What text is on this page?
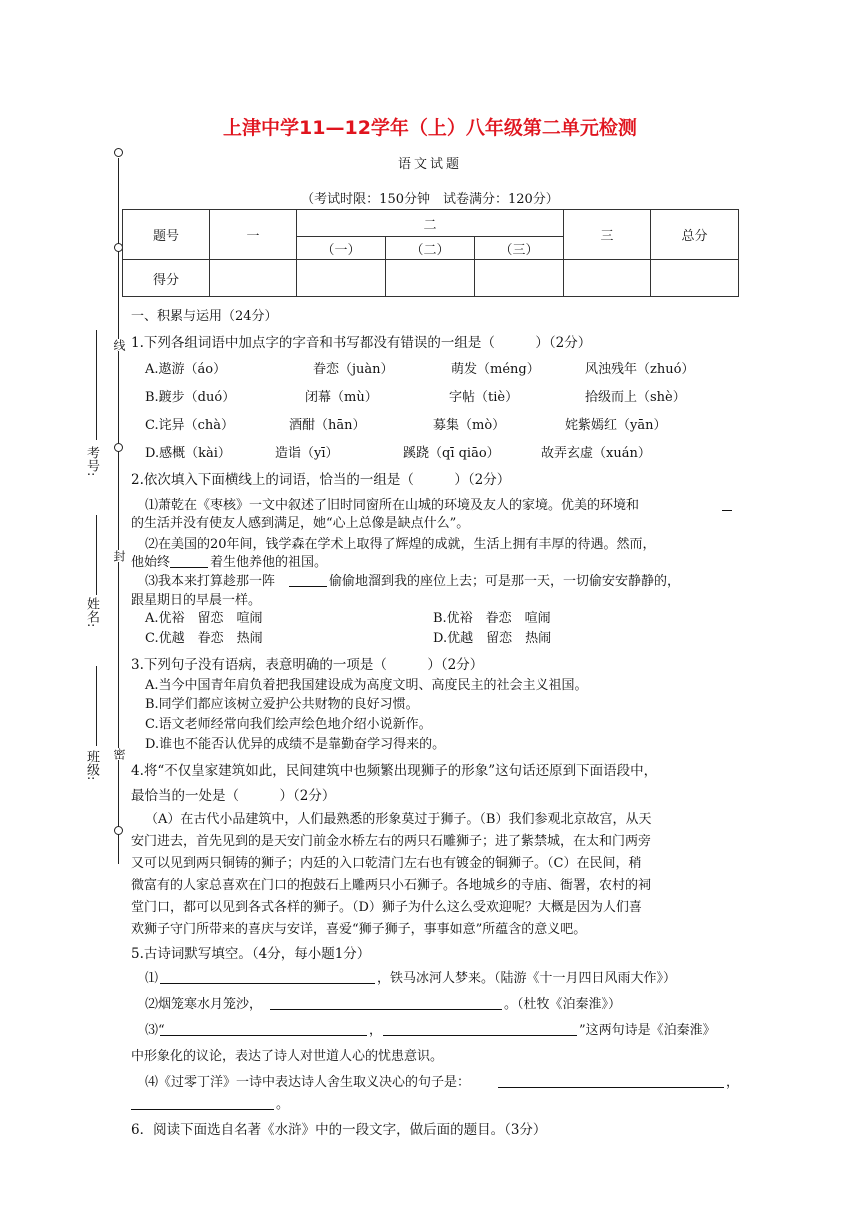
上津中学11—12学年（上）八年级第二单元检测
语文试题
（考试时限：150分钟　试卷满分：120分）
线
封
密
考号:
姓名:
班级:
题号	一	二			三	总分
		（一）	（二）	（三）		
得分						
一、积累与运用（24分）
1.下列各组词语中加点字的字音和书写都没有错误的一组是（　　　）（2分）
A.遨游（áo）	眷恋（juàn）	萌发（méng）	风浊残年（zhuó）
B.踱步（duó）	闭幕（mù）	字帖（tiè）	拾级而上（shè）
C.诧异（chà）	酒酣（hān）	募集（mò）	姹紫嫣红（yān）
D.感概（kài）	造诣（yī）	蹊跷（qī qiāo）	故弄玄虚（xuán）
2.依次填入下面横线上的词语，恰当的一组是（　　　）（2分）
⑴萧乾在《枣核》一文中叙述了旧时同窗所在山城的环境及友人的家境。优美的环境和
的生活并没有使友人感到满足，她“心上总像是缺点什么”。
⑵在美国的20年间，钱学森在学术上取得了辉煌的成就，生活上拥有丰厚的待遇。然而，
他始终	着生他养他的祖国。
⑶我本来打算趁那一阵	偷偷地溜到我的座位上去；可是那一天，一切偷安安静静的，
跟星期日的早晨一样。
A.优裕　留恋　喧闹	B.优裕　眷恋　喧闹
C.优越　眷恋　热闹	D.优越　留恋　热闹
3.下列句子没有语病，表意明确的一项是（　　　）（2分）
A.当今中国青年肩负着把我国建设成为高度文明、高度民主的社会主义祖国。
B.同学们都应该树立爱护公共财物的良好习惯。
C.语文老师经常向我们绘声绘色地介绍小说新作。
D.谁也不能否认优异的成绩不是靠勤奋学习得来的。
4.将“不仅皇家建筑如此，民间建筑中也频繁出现狮子的形象”这句话还原到下面语段中，
最恰当的一处是（　　　）（2分）
（A）在古代小品建筑中，人们最熟悉的形象莫过于狮子。（B）我们参观北京故宫，从天
安门进去，首先见到的是天安门前金水桥左右的两只石雕狮子；进了紫禁城，在太和门两旁
又可以见到两只铜铸的狮子；内廷的入口乾清门左右也有镀金的铜狮子。（C）在民间，稍
微富有的人家总喜欢在门口的抱鼓石上雕两只小石狮子。各地城乡的寺庙、衙署，农村的祠
堂门口，都可以见到各式各样的狮子。（D）狮子为什么这么受欢迎呢？大概是因为人们喜
欢狮子守门所带来的喜庆与安详，喜爱“狮子狮子，事事如意”所蕴含的意义吧。
5.古诗词默写填空。（4分，每小题1分）
⑴	，铁马冰河人梦来。（陆游《十一月四日风雨大作》）
⑵烟笼寒水月笼沙，	。（杜牧《泊秦淮》）
⑶“	，	”这两句诗是《泊秦淮》
中形象化的议论，表达了诗人对世道人心的忧患意识。
⑷《过零丁洋》一诗中表达诗人舍生取义决心的句子是：	，
。
6．阅读下面选自名著《水浒》中的一段文字，做后面的题目。（3分）
